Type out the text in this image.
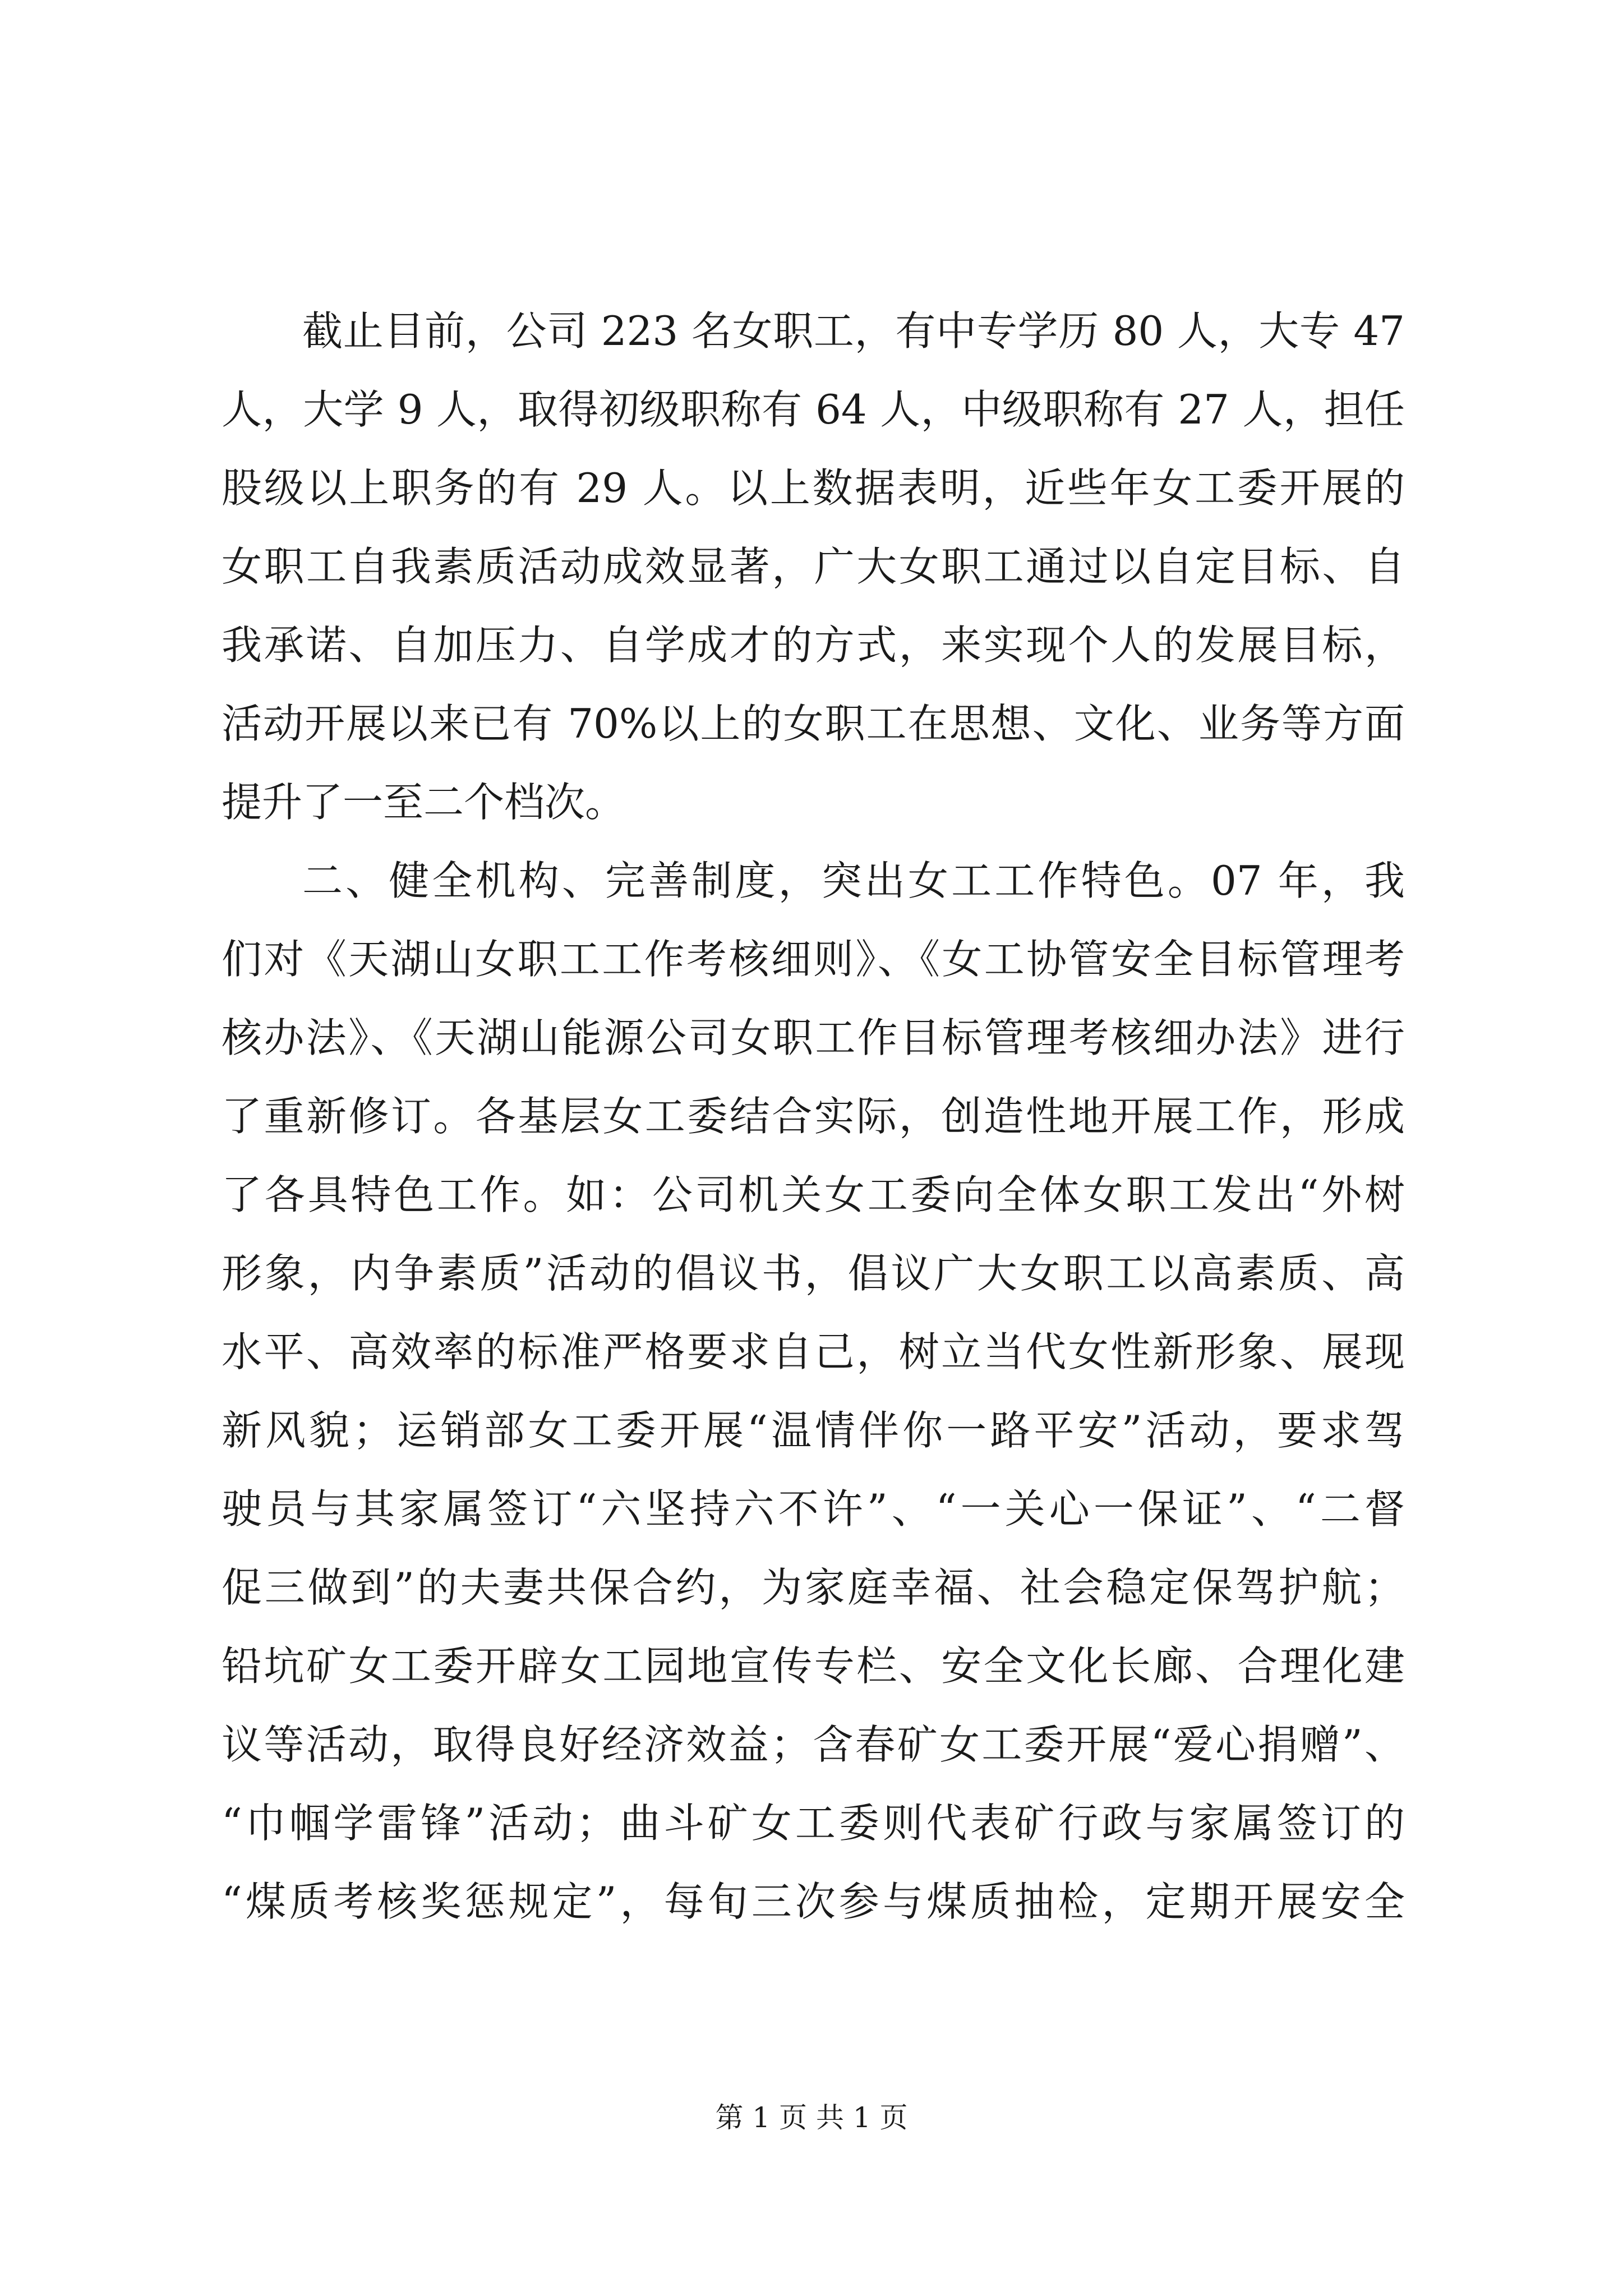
截止目前，公司 223 名女职工，有中专学历 80 人，大专 47
人，大学 9 人，取得初级职称有 64 人，中级职称有 27 人，担任
股级以上职务的有 29 人。以上数据表明，近些年女工委开展的
女职工自我素质活动成效显著，广大女职工通过以自定目标、自
我承诺、自加压力、自学成才的方式，来实现个人的发展目标，
活动开展以来已有 70%以上的女职工在思想、文化、业务等方面
提升了一至二个档次。
二、健全机构、完善制度，突出女工工作特色。07 年，我
们对《天湖山女职工工作考核细则》、《女工协管安全目标管理考
核办法》、《天湖山能源公司女职工作目标管理考核细办法》进行
了重新修订。各基层女工委结合实际，创造性地开展工作，形成
了各具特色工作。如：公司机关女工委向全体女职工发出“外树
形象，内争素质”活动的倡议书，倡议广大女职工以高素质、高
水平、高效率的标准严格要求自己，树立当代女性新形象、展现
新风貌；运销部女工委开展“温情伴你一路平安”活动，要求驾
驶员与其家属签订“六坚持六不许”、“一关心一保证”、“二督
促三做到”的夫妻共保合约，为家庭幸福、社会稳定保驾护航；
铅坑矿女工委开辟女工园地宣传专栏、安全文化长廊、合理化建
议等活动，取得良好经济效益；含春矿女工委开展“爱心捐赠”、
“巾帼学雷锋”活动；曲斗矿女工委则代表矿行政与家属签订的
“煤质考核奖惩规定”，每旬三次参与煤质抽检，定期开展安全
第 1 页 共 1 页
